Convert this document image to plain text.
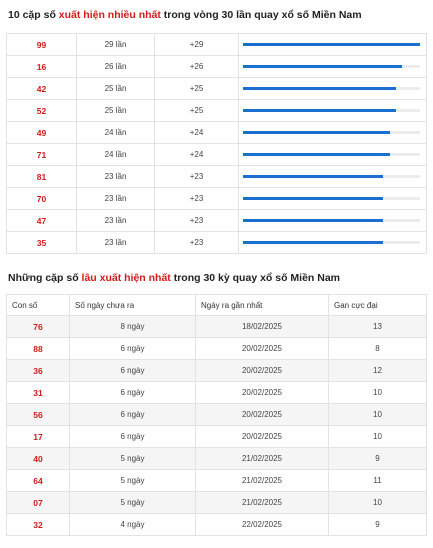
10 cặp số xuất hiện nhiều nhất trong vòng 30 lần quay xổ số Miền Nam
99	29 lần	+29	

16	26 lần	+26	

42	25 lần	+25	

52	25 lần	+25	

49	24 lần	+24	

71	24 lần	+24	

81	23 lần	+23	

70	23 lần	+23	

47	23 lần	+23	

35	23 lần	+23	
Những cặp số lâu xuất hiện nhất trong 30 kỳ quay xổ số Miền Nam
Con số	Số ngày chưa ra	Ngày ra gần nhất	Gan cực đại
76	8 ngày	18/02/2025	13
88	6 ngày	20/02/2025	8
36	6 ngày	20/02/2025	12
31	6 ngày	20/02/2025	10
56	6 ngày	20/02/2025	10
17	6 ngày	20/02/2025	10
40	5 ngày	21/02/2025	9
64	5 ngày	21/02/2025	11
07	5 ngày	21/02/2025	10
32	4 ngày	22/02/2025	9
